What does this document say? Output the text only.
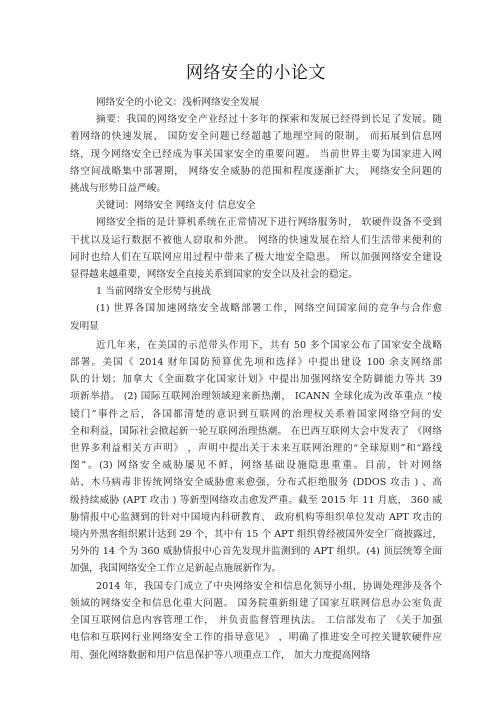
网络安全的小论文
网络安全的小论文：浅析网络安全发展
摘要：我国的网络安全产业经过十多年的探索和发展已经得到长足了发展。随
着网络的快速发展， 国防安全问题已经超越了地理空间的限制， 而拓展到信息网
络，现今网络安全已经成为事关国家安全的重要问题。 当前世界主要为国家进入网
络空间战略集中部署期， 网络安全威胁的范围和程度逐渐扩大， 网络安全问题的
挑战与形势日益严峻。
关键词：网络安全 网络支付 信息安全
网络安全指的是计算机系统在正常情况下进行网络服务时， 软硬件设备不受到
干扰以及运行数据不被他人窃取和外泄。 网络的快速发展在给人们生活带来便利的
同时也给人们在互联网应用过程中带来了极大地安全隐患。 所以加强网络安全建设
显得越来越重要，网络安全直接关系到国家的安全以及社会的稳定。
1 当前网络安全形势与挑战
(1) 世界各国加速网络安全战略部署工作，网络空间国家间的竞争与合作愈
发明显
近几年来，在美国的示范带头作用下，共有 50 多个国家公布了国家安全战略
部署。美国《 2014 财年国防预算优先项和选择》中提出建设 100 余支网络部
队的计划；加拿大《全面数字化国家计划》中提出加强网络安全防御能力等共 39
项新举措。 (2) 国际互联网治理领域迎来新热潮， ICANN 全球化成为改革重点 “棱
镜门”事件之后，各国都清楚的意识到互联网的治理权关系着国家网络空间的安
全和利益，国际社会掀起新一轮互联网治理热潮。 在巴西互联网大会中发表了 《网络
世界多利益相关方声明》 ，声明中提出关于未来互联网治理的“全球原则”和“路线
图”。(3) 网络安全威胁屡见不鲜，网络基础设施隐患重重。目前，针对网络
站、木马病毒非传统网络安全威胁愈来愈强，分布式拒绝服务 (DDOS 攻击 ) 、高
级持续威胁 (APT 攻击 ) 等新型网络攻击愈发严重。截至 2015 年 11 月底， 360 威
胁情报中心监测到的针对中国境内科研教育、 政府机构等组织单位发动 APT 攻击的
境内外黑客组织累计达到 29 个，其中有 15 个 APT 组织曾经被国外安全厂商披露过，
另外的 14 个为 360 威胁情报中心首先发现并监测到的 APT 组织。(4) 顶层统筹全面
加强，我国网络安全工作立足新起点施展新作为。
2014 年，我国专门成立了中央网络安全和信息化领导小组，协调处理涉及各个
领域的网络安全和信息化重大问题。 国务院重新组建了国家互联网信息办公室负责
全国互联网信息内容管理工作， 并负责监督管理执法。 工信部发布了 《关于加强
电信和互联网行业网络安全工作的指导意见》 ，明确了推进安全可控关键软硬件应
用、强化网络数据和用户信息保护等八项重点工作， 加大力度提高网络
